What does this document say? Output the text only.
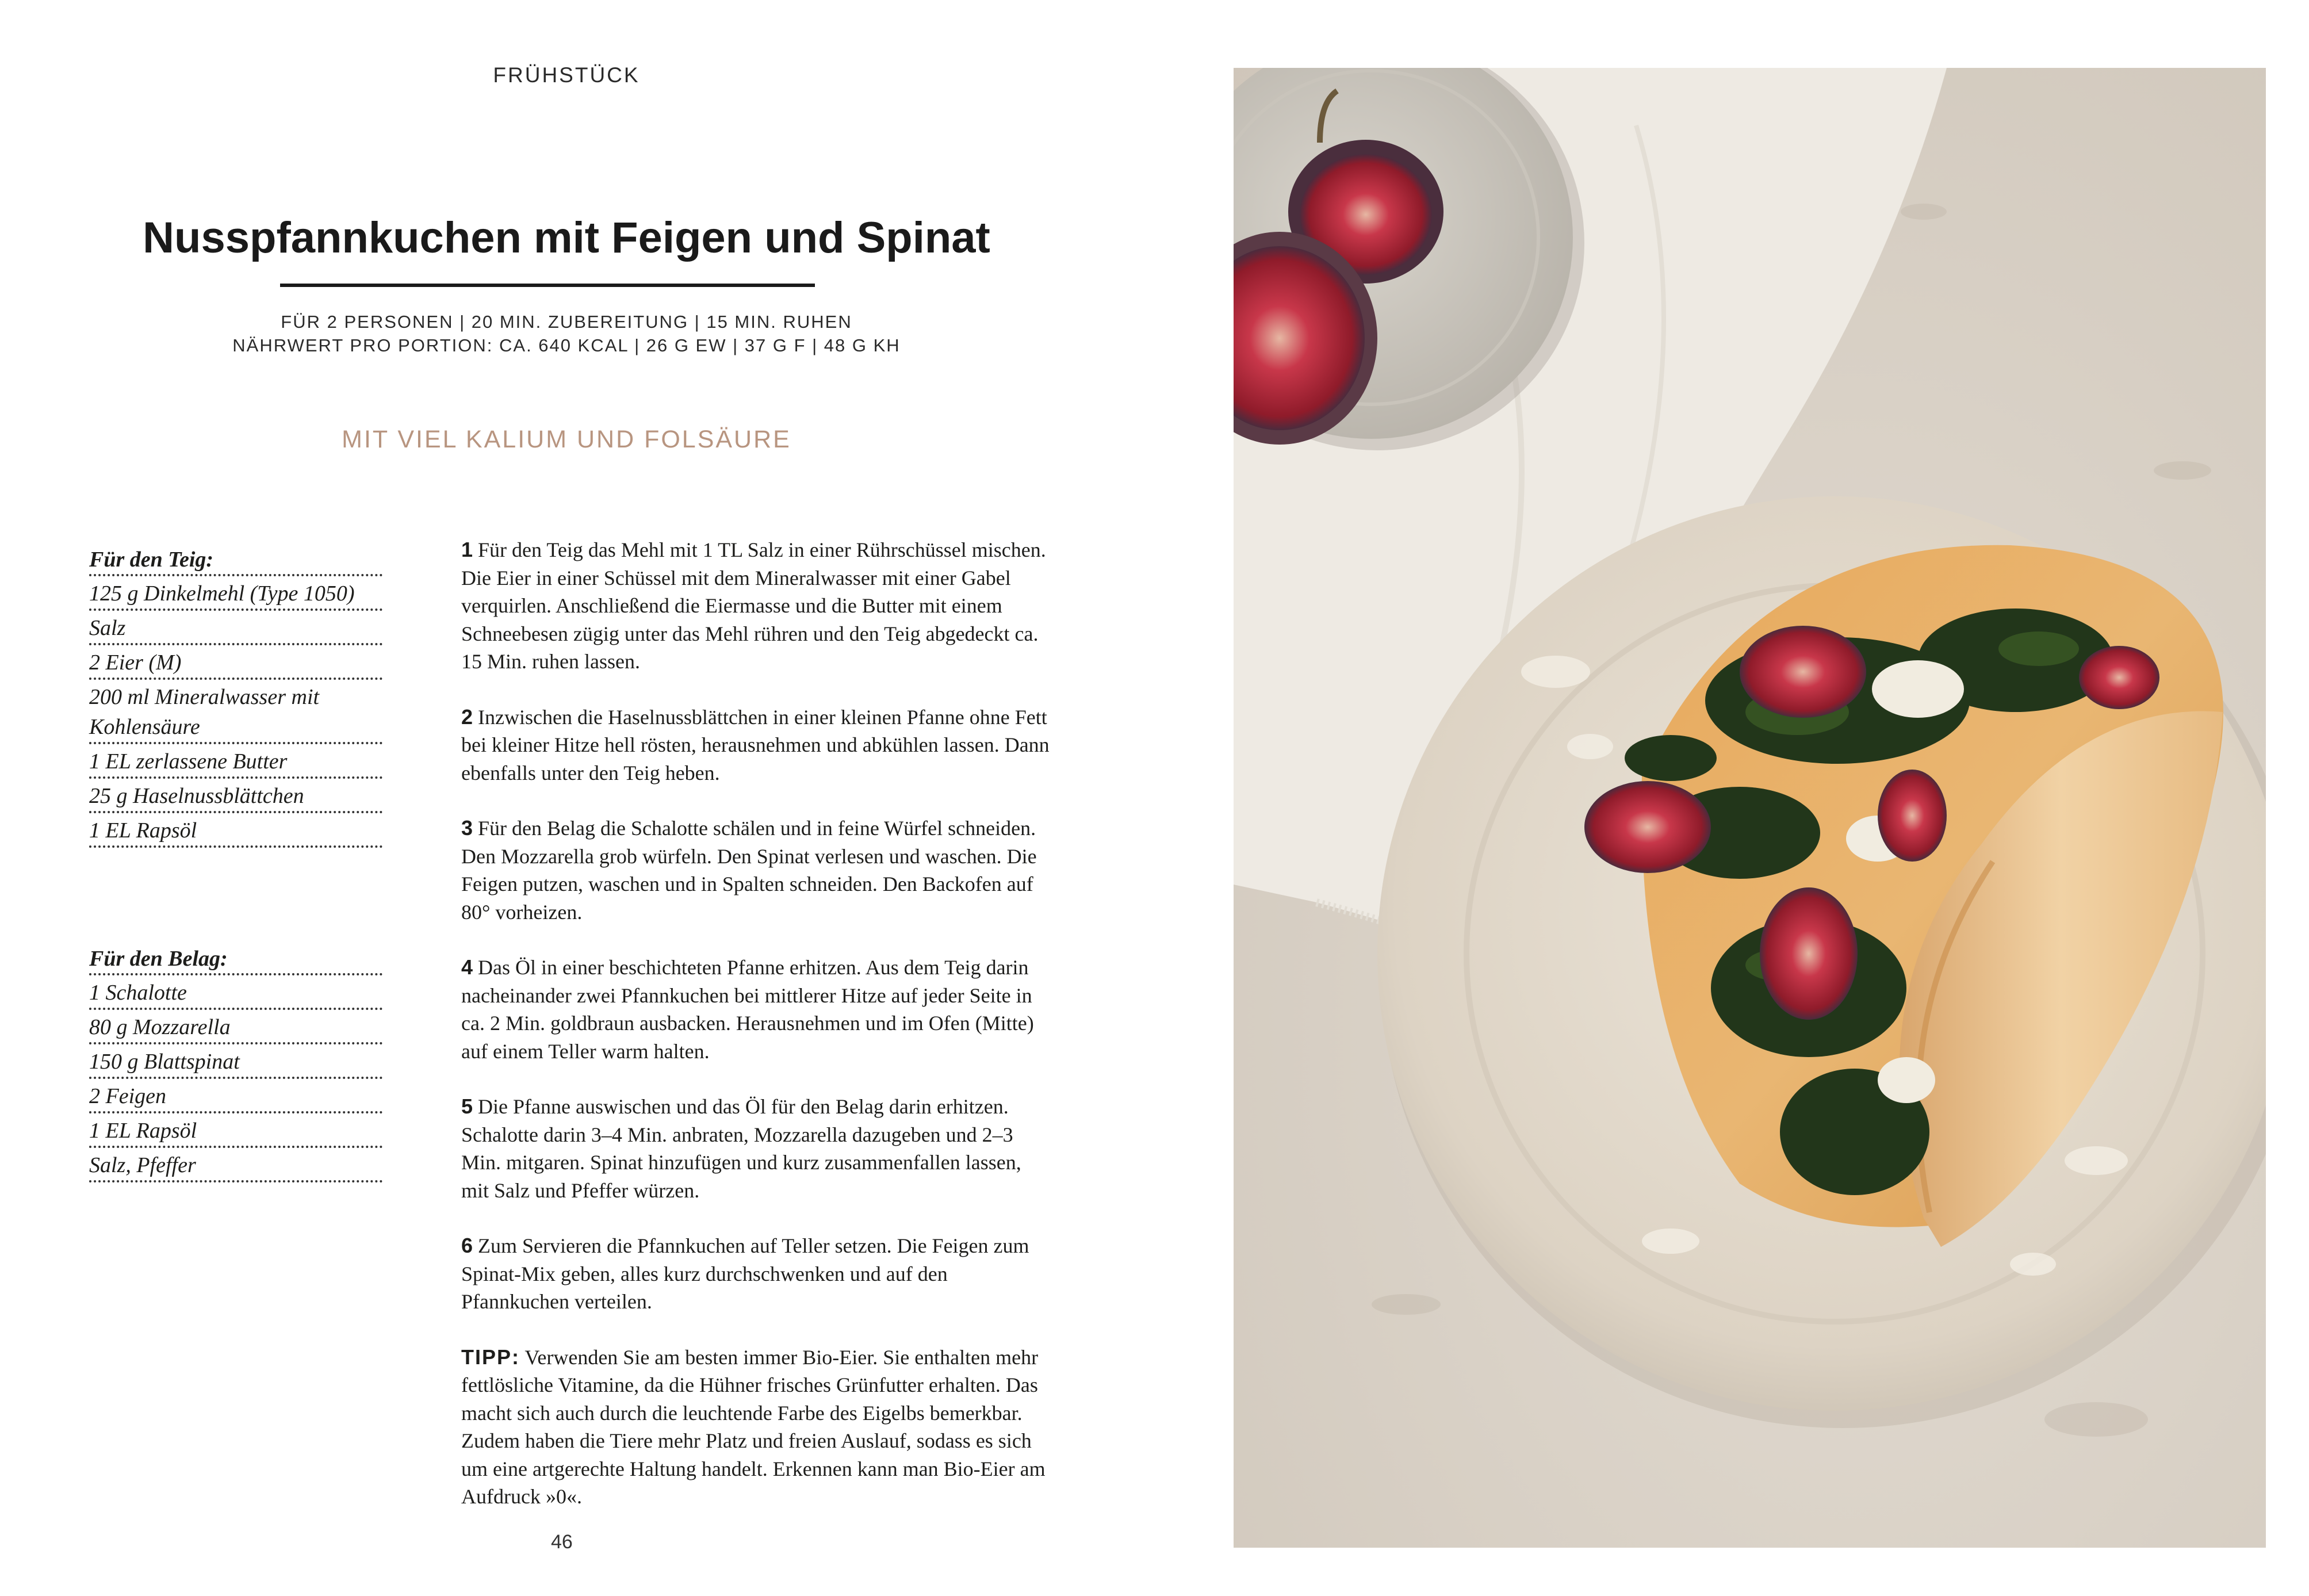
FRÜHSTÜCK
Nusspfannkuchen mit Feigen und Spinat
FÜR 2 PERSONEN | 20 MIN. ZUBEREITUNG | 15 MIN. RUHEN
NÄHRWERT PRO PORTION: CA. 640 KCAL | 26 G EW | 37 G F | 48 G KH
MIT VIEL KALIUM UND FOLSÄURE
Für den Teig:
125 g Dinkelmehl (Type 1050)
Salz
2 Eier (M)
200 ml Mineralwasser mit Kohlensäure
1 EL zerlassene Butter
25 g Haselnussblättchen
1 EL Rapsöl
Für den Belag:
1 Schalotte
80 g Mozzarella
150 g Blattspinat
2 Feigen
1 EL Rapsöl
Salz, Pfeffer

1 Für den Teig das Mehl mit 1 TL Salz in einer Rührschüssel mischen. Die Eier in einer Schüssel mit dem Mineralwasser mit einer Gabel verquirlen. Anschließend die Eiermasse und die Butter mit einem Schneebesen zügig unter das Mehl rühren und den Teig abgedeckt ca. 15 Min. ruhen lassen.

2 Inzwischen die Haselnussblättchen in einer kleinen Pfanne ohne Fett bei kleiner Hitze hell rösten, herausnehmen und abkühlen lassen. Dann ebenfalls unter den Teig heben.

3 Für den Belag die Schalotte schälen und in feine Würfel schneiden. Den Mozzarella grob würfeln. Den Spinat verlesen und waschen. Die Feigen putzen, waschen und in Spalten schneiden. Den Backofen auf 80° vorheizen.

4 Das Öl in einer beschichteten Pfanne erhitzen. Aus dem Teig darin nacheinander zwei Pfannkuchen bei mittlerer Hitze auf jeder Seite in ca. 2 Min. goldbraun ausbacken. Herausnehmen und im Ofen (Mitte) auf einem Teller warm halten.

5 Die Pfanne auswischen und das Öl für den Belag darin erhitzen. Schalotte darin 3–4 Min. anbraten, Mozzarella dazugeben und 2–3 Min. mitgaren. Spinat hinzufügen und kurz zusammenfallen lassen, mit Salz und Pfeffer würzen.

6 Zum Servieren die Pfannkuchen auf Teller setzen. Die Feigen zum Spinat-Mix geben, alles kurz durchschwenken und auf den Pfannkuchen verteilen.

TIPP: Verwenden Sie am besten immer Bio-Eier. Sie enthalten mehr fettlösliche Vitamine, da die Hühner frisches Grünfutter erhalten. Das macht sich auch durch die leuchtende Farbe des Eigelbs bemerkbar. Zudem haben die Tiere mehr Platz und freien Auslauf, sodass es sich um eine artgerechte Haltung handelt. Erkennen kann man Bio-Eier am Aufdruck »0«.

46
